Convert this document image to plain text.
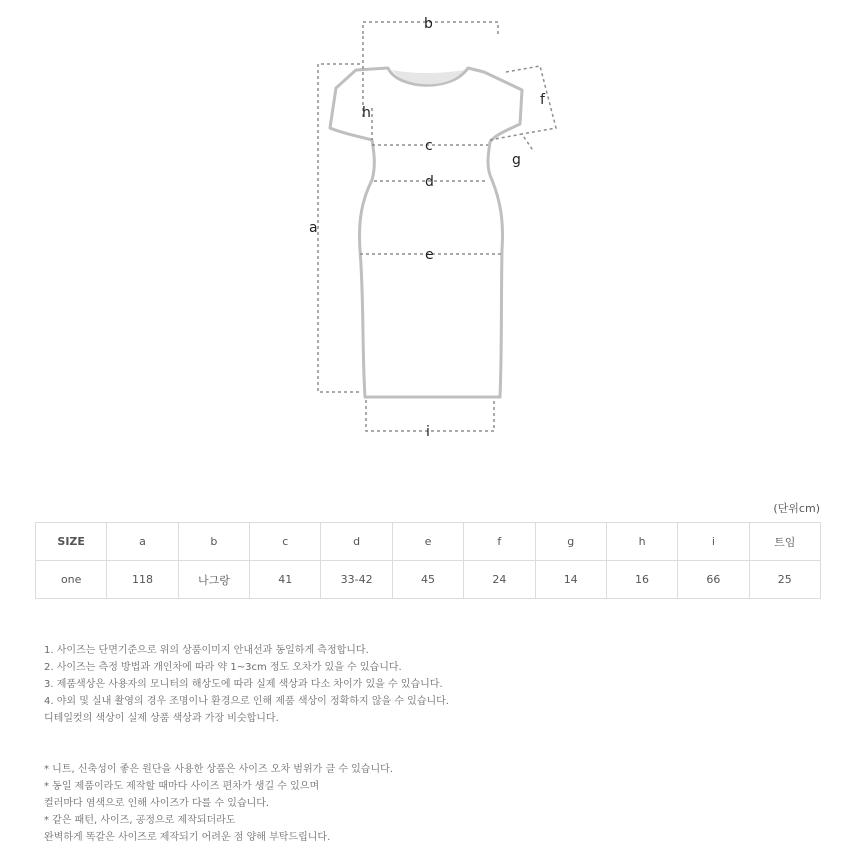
b
a
h
c
d
e
i
f
g
(단위cm)
SIZE	a	b	c	d	e	f	g	h	i	트임
one	118	나그랑	41	33-42	45	24	14	16	66	25

1. 사이즈는 단면기준으로 위의 상품이미지 안내선과 동일하게 측정합니다.

2. 사이즈는 측정 방법과 개인차에 따라 약 1~3cm 정도 오차가 있을 수 있습니다.

3. 제품색상은 사용자의 모니터의 해상도에 따라 실제 색상과 다소 차이가 있을 수 있습니다.

4. 야외 및 실내 촬영의 경우 조명이나 환경으로 인해 제품 색상이 정확하지 않을 수 있습니다.

디테일컷의 색상이 실제 상품 색상과 가장 비슷합니다.

* 니트, 신축성이 좋은 원단을 사용한 상품은 사이즈 오차 범위가 클 수 있습니다.

* 동일 제품이라도 제작할 때마다 사이즈 편차가 생길 수 있으며

컬러마다 염색으로 인해 사이즈가 다를 수 있습니다.

* 같은 패턴, 사이즈, 공정으로 제작되더라도

완벽하게 똑같은 사이즈로 제작되기 어려운 점 양해 부탁드립니다.
